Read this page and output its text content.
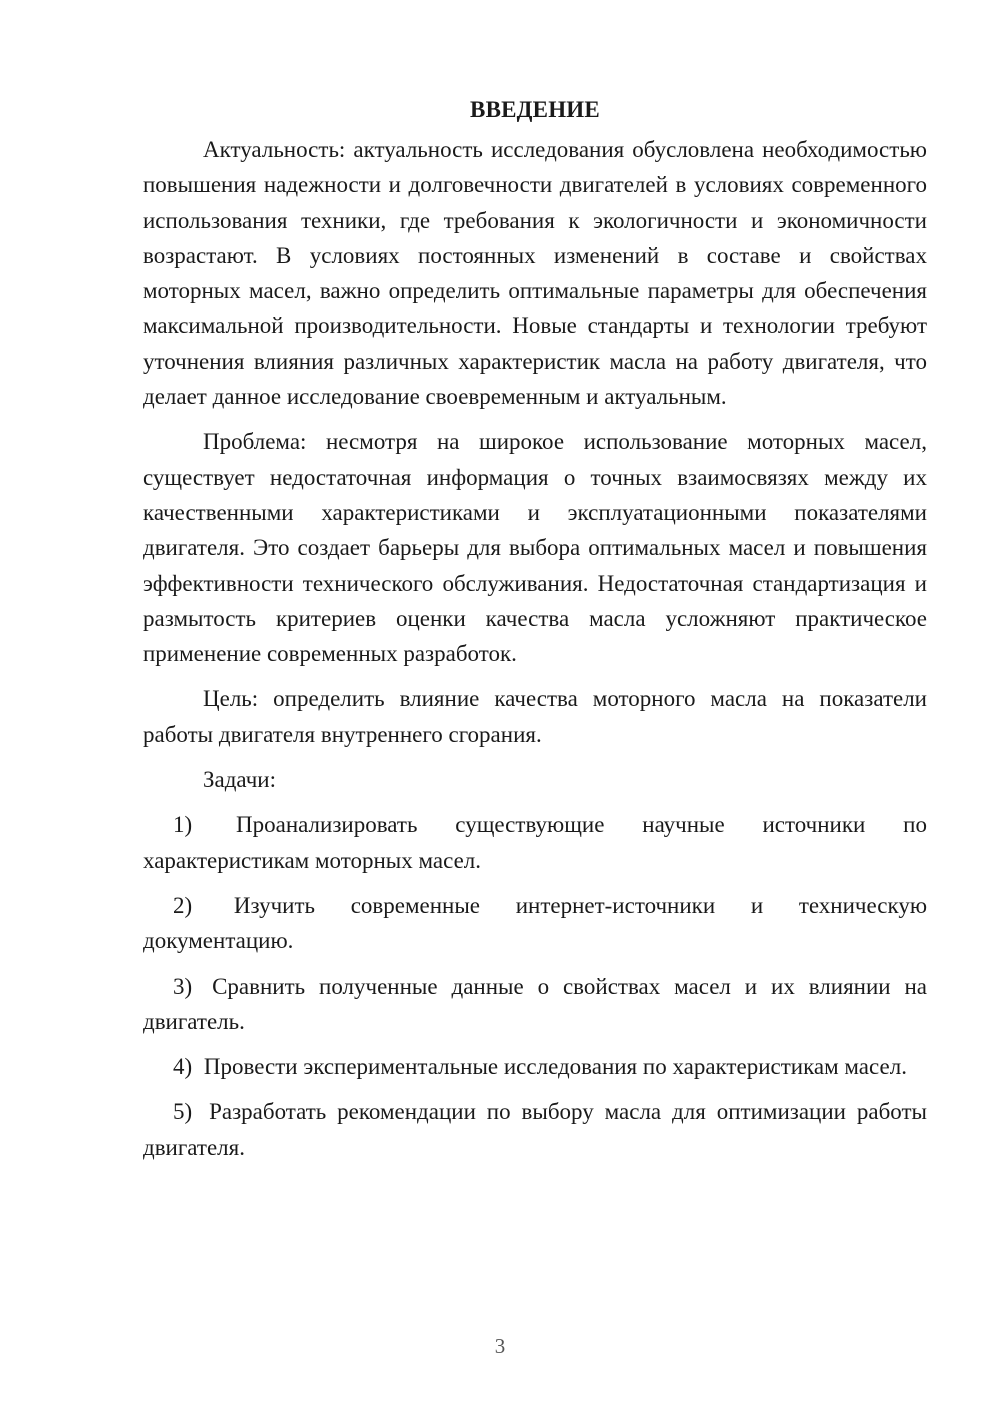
ВВЕДЕНИЕ

Актуальность: актуальность исследования обусловлена необходимостью повышения надежности и долговечности двигателей в условиях современного использования техники, где требования к экологичности и экономичности возрастают. В условиях постоянных изменений в составе и свойствах моторных масел, важно определить оптимальные параметры для обеспечения максимальной производительности. Новые стандарты и технологии требуют уточнения влияния различных характеристик масла на работу двигателя, что делает данное исследование своевременным и актуальным.

Проблема: несмотря на широкое использование моторных масел, существует недостаточная информация о точных взаимосвязях между их качественными характеристиками и эксплуатационными показателями двигателя. Это создает барьеры для выбора оптимальных масел и повышения эффективности технического обслуживания. Недостаточная стандартизация и размытость критериев оценки качества масла усложняют практическое применение современных разработок.

Цель: определить влияние качества моторного масла на показатели работы двигателя внутреннего сгорания.

Задачи:

1) Проанализировать существующие научные источники по характеристикам моторных масел.

2) Изучить современные интернет-источники и техническую документацию.

3) Сравнить полученные данные о свойствах масел и их влиянии на двигатель.

4) Провести экспериментальные исследования по характеристикам масел.

5) Разработать рекомендации по выбору масла для оптимизации работы двигателя.

3
